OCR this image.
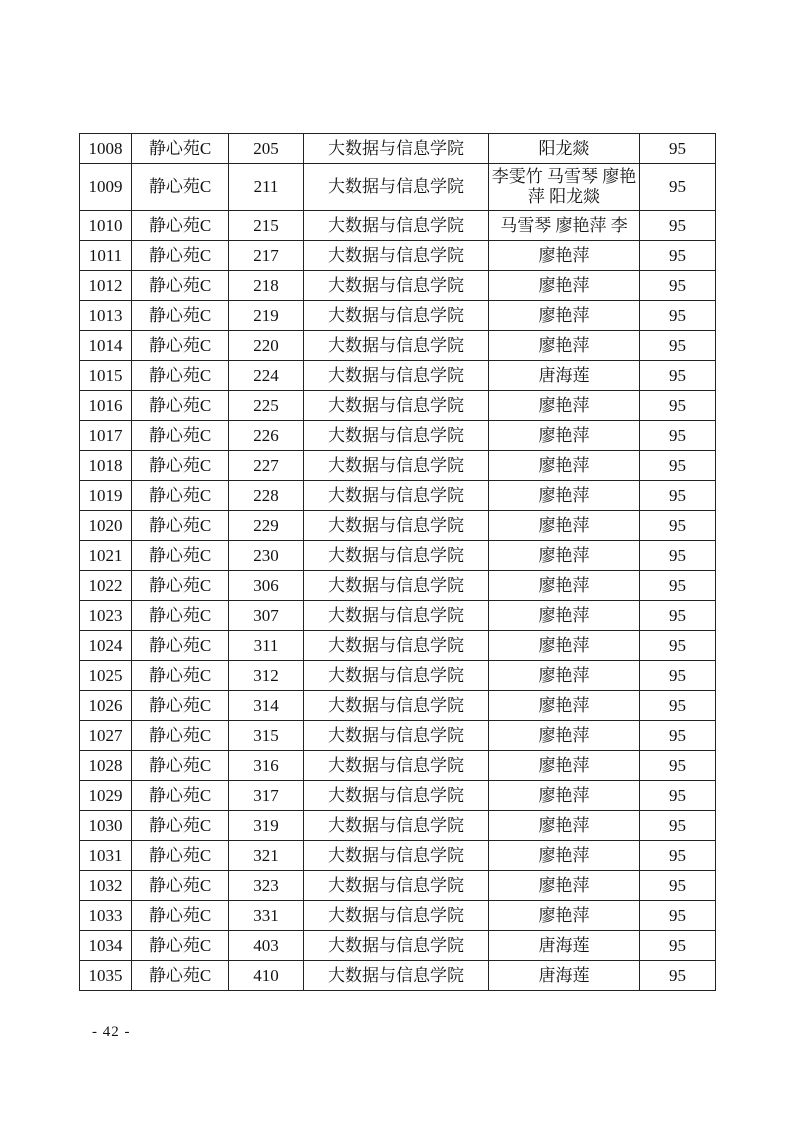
1008	静心苑C	205	大数据与信息学院	阳龙燚	95
1009	静心苑C	211	大数据与信息学院	李雯竹 马雪琴 廖艳萍 阳龙燚	95
1010	静心苑C	215	大数据与信息学院	马雪琴 廖艳萍 李	95
1011	静心苑C	217	大数据与信息学院	廖艳萍	95
1012	静心苑C	218	大数据与信息学院	廖艳萍	95
1013	静心苑C	219	大数据与信息学院	廖艳萍	95
1014	静心苑C	220	大数据与信息学院	廖艳萍	95
1015	静心苑C	224	大数据与信息学院	唐海莲	95
1016	静心苑C	225	大数据与信息学院	廖艳萍	95
1017	静心苑C	226	大数据与信息学院	廖艳萍	95
1018	静心苑C	227	大数据与信息学院	廖艳萍	95
1019	静心苑C	228	大数据与信息学院	廖艳萍	95
1020	静心苑C	229	大数据与信息学院	廖艳萍	95
1021	静心苑C	230	大数据与信息学院	廖艳萍	95
1022	静心苑C	306	大数据与信息学院	廖艳萍	95
1023	静心苑C	307	大数据与信息学院	廖艳萍	95
1024	静心苑C	311	大数据与信息学院	廖艳萍	95
1025	静心苑C	312	大数据与信息学院	廖艳萍	95
1026	静心苑C	314	大数据与信息学院	廖艳萍	95
1027	静心苑C	315	大数据与信息学院	廖艳萍	95
1028	静心苑C	316	大数据与信息学院	廖艳萍	95
1029	静心苑C	317	大数据与信息学院	廖艳萍	95
1030	静心苑C	319	大数据与信息学院	廖艳萍	95
1031	静心苑C	321	大数据与信息学院	廖艳萍	95
1032	静心苑C	323	大数据与信息学院	廖艳萍	95
1033	静心苑C	331	大数据与信息学院	廖艳萍	95
1034	静心苑C	403	大数据与信息学院	唐海莲	95
1035	静心苑C	410	大数据与信息学院	唐海莲	95
- 42 -
